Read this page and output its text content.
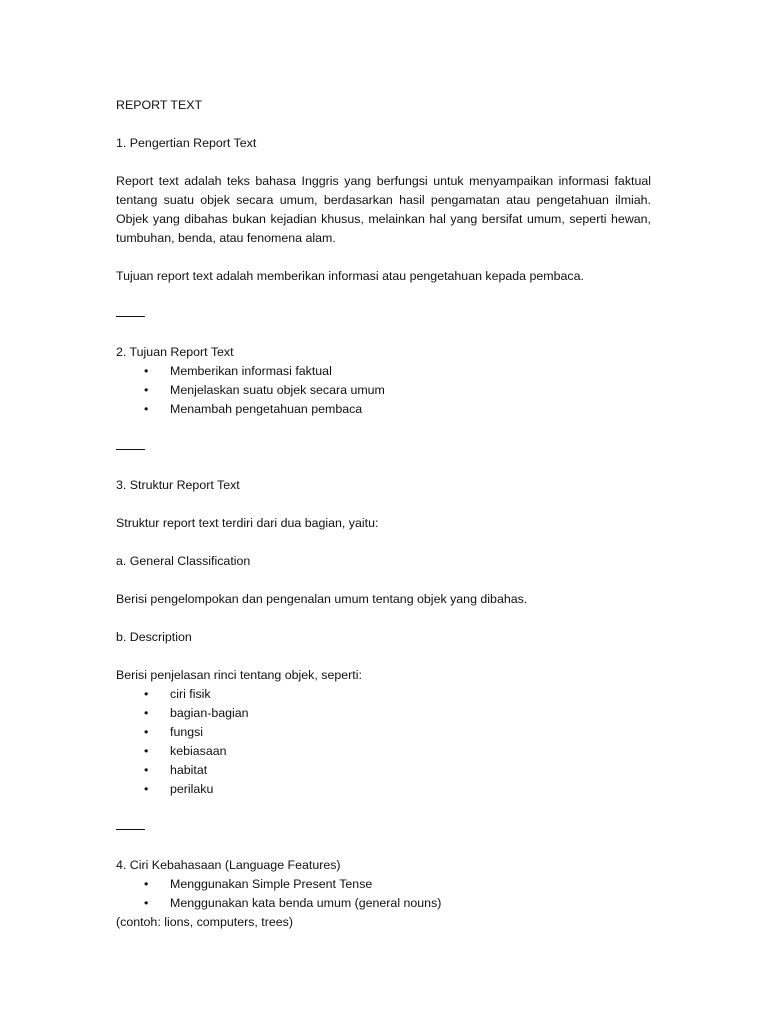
REPORT TEXT
1. Pengertian Report Text
Report text adalah teks bahasa Inggris yang berfungsi untuk menyampaikan informasi faktual tentang suatu objek secara umum, berdasarkan hasil pengamatan atau pengetahuan ilmiah. Objek yang dibahas bukan kejadian khusus, melainkan hal yang bersifat umum, seperti hewan, tumbuhan, benda, atau fenomena alam.
Tujuan report text adalah memberikan informasi atau pengetahuan kepada pembaca.
2. Tujuan Report Text
• Memberikan informasi faktual
• Menjelaskan suatu objek secara umum
• Menambah pengetahuan pembaca
3. Struktur Report Text
Struktur report text terdiri dari dua bagian, yaitu:
a. General Classification
Berisi pengelompokan dan pengenalan umum tentang objek yang dibahas.
b. Description
Berisi penjelasan rinci tentang objek, seperti:
• ciri fisik
• bagian-bagian
• fungsi
• kebiasaan
• habitat
• perilaku
4. Ciri Kebahasaan (Language Features)
• Menggunakan Simple Present Tense
• Menggunakan kata benda umum (general nouns)
(contoh: lions, computers, trees)
